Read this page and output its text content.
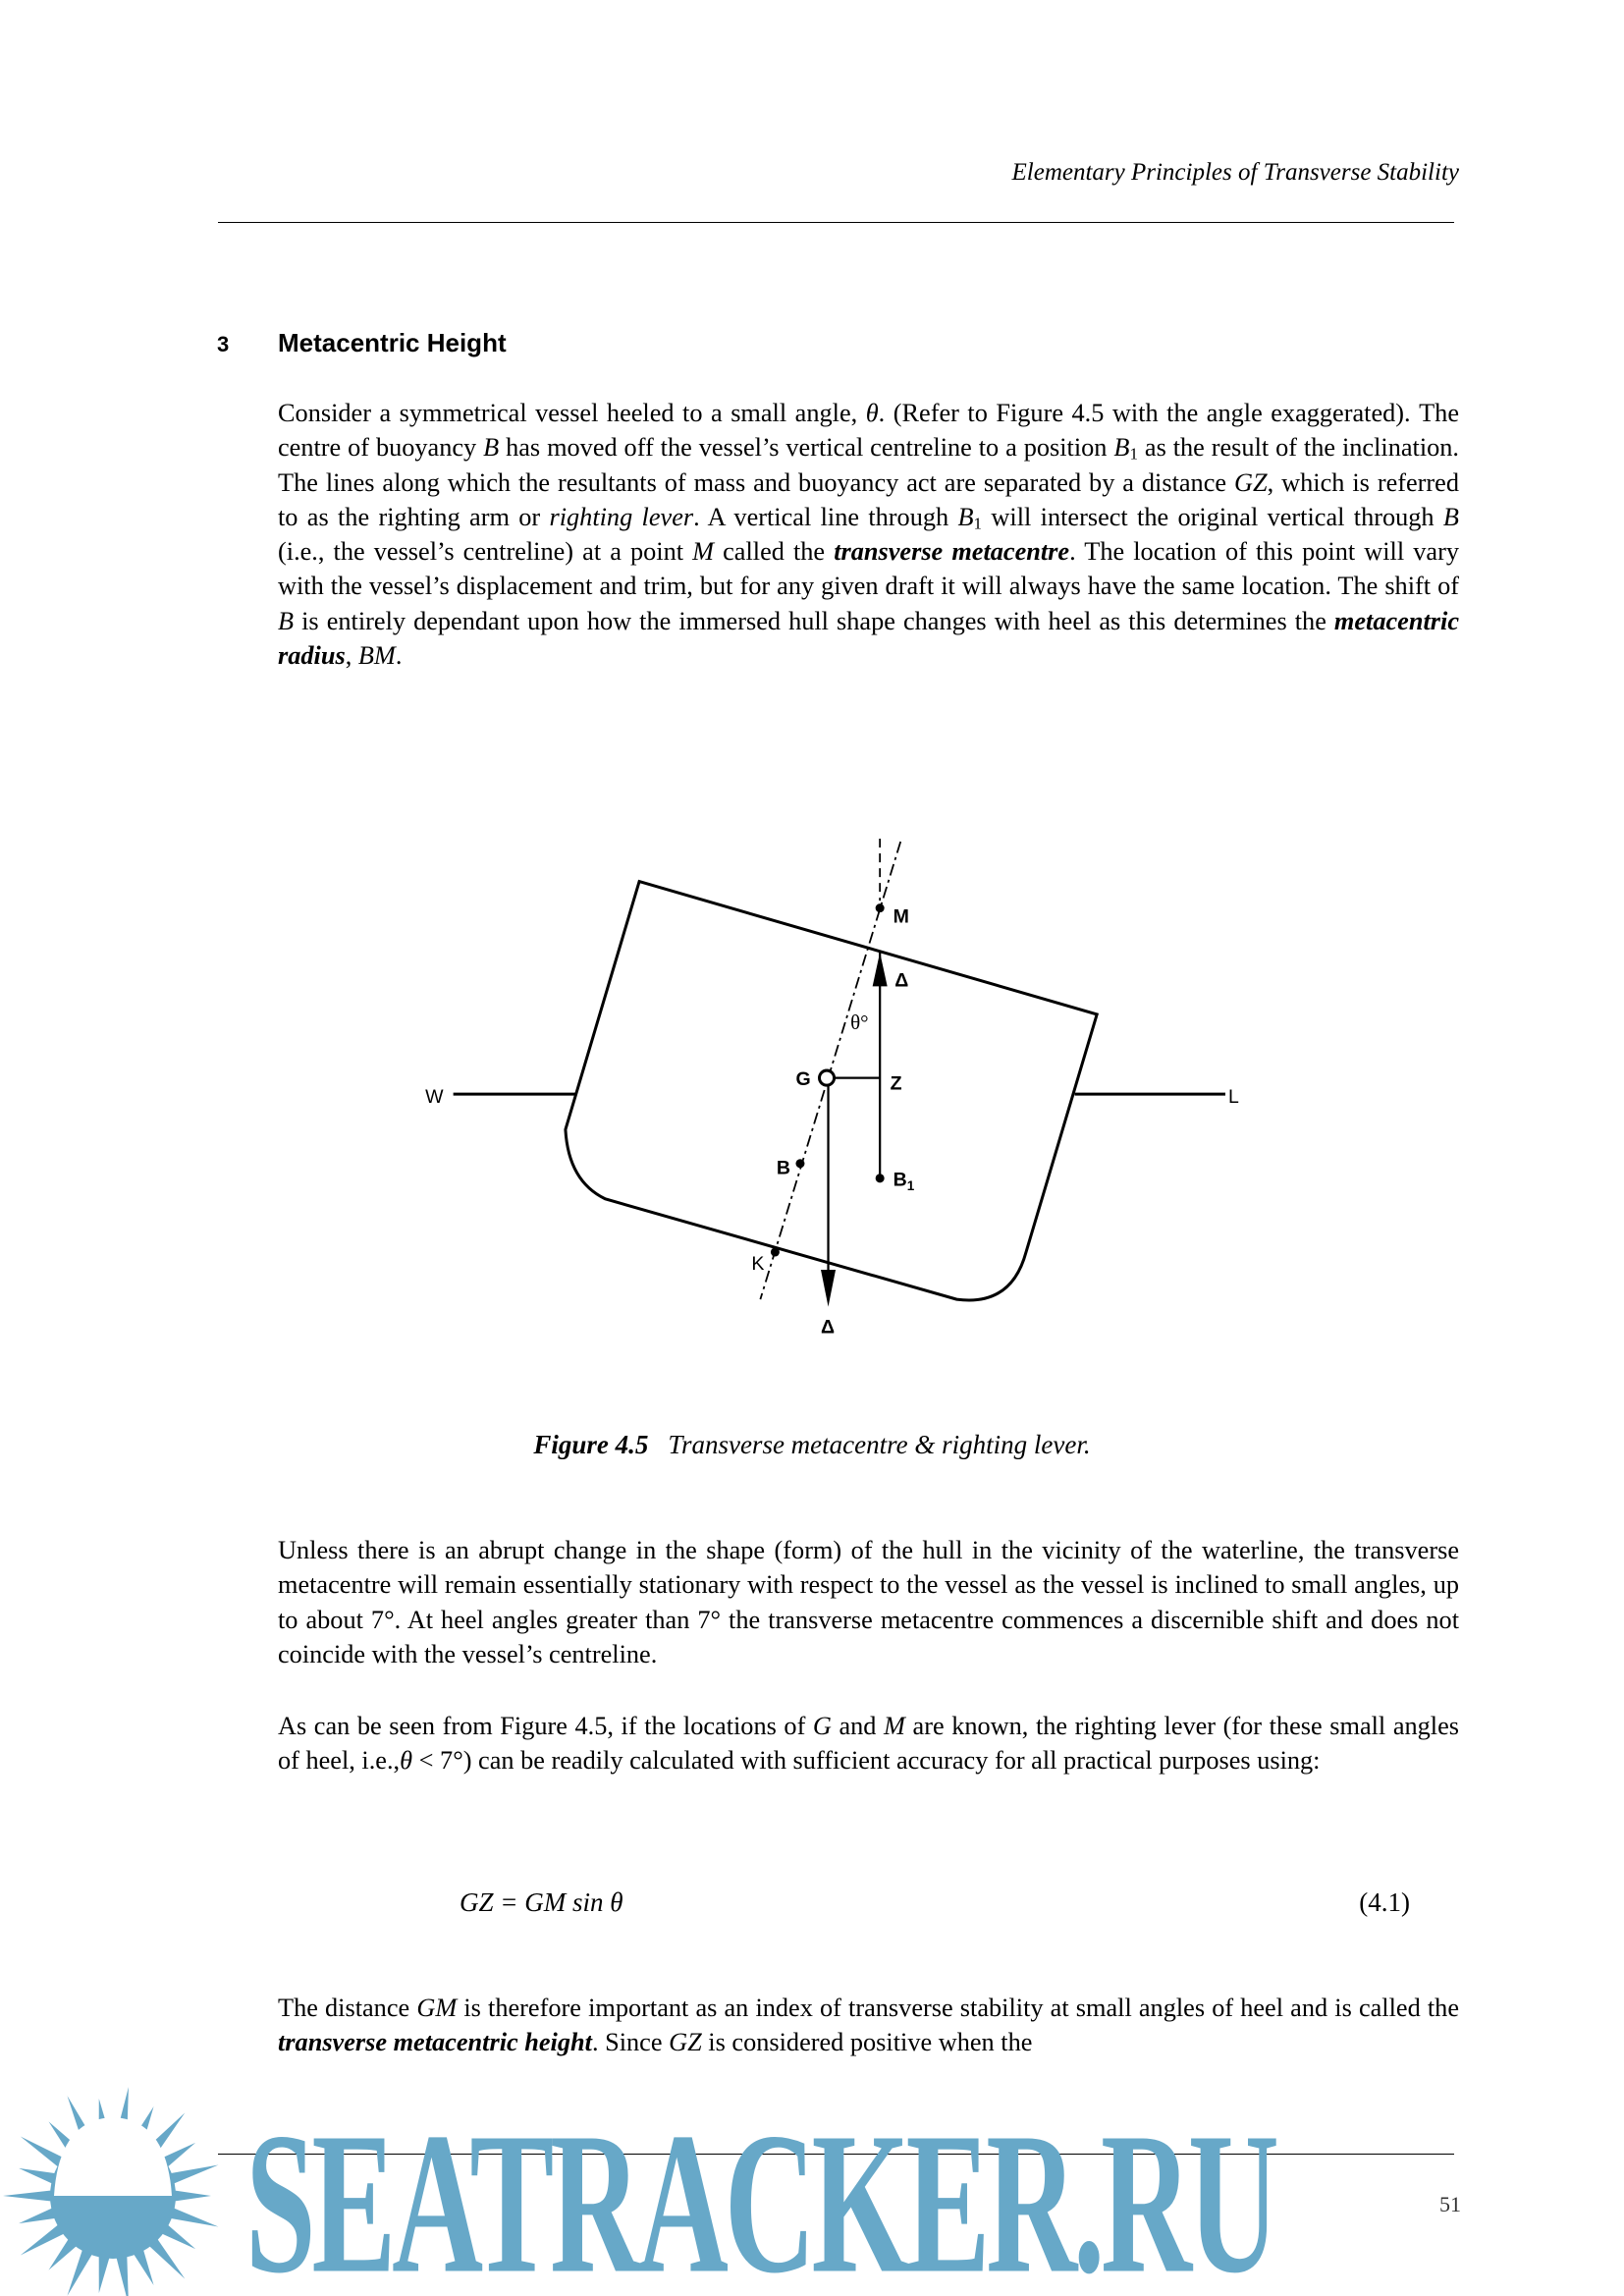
Elementary Principles of Transverse Stability
3 Metacentric Height
Consider a symmetrical vessel heeled to a small angle, θ. (Refer to Figure 4.5 with the angle exaggerated). The centre of buoyancy B has moved off the vessel’s vertical centreline to a position $B_1$ as the result of the inclination. The lines along which the resultants of mass and buoyancy act are separated by a distance GZ, which is referred to as the righting arm or righting lever. A vertical line through $B_1$ will intersect the original vertical through B (i.e., the vessel’s centreline) at a point M called the transverse metacentre. The location of this point will vary with the vessel’s displacement and trim, but for any given draft it will always have the same location. The shift of B is entirely dependant upon how the immersed hull shape changes with heel as this determines the metacentric radius, BM.
M
Δ
θ°
G	Z
W	L
B
$B_1$
K
Δ
Figure 4.5 Transverse metacentre & righting lever.
Unless there is an abrupt change in the shape (form) of the hull in the vicinity of the waterline, the transverse metacentre will remain essentially stationary with respect to the vessel as the vessel is inclined to small angles, up to about 7°. At heel angles greater than 7° the transverse metacentre commences a discernible shift and does not coincide with the vessel’s centreline.
As can be seen from Figure 4.5, if the locations of G and M are known, the righting lever (for these small angles of heel, i.e.,θ < 7°) can be readily calculated with sufficient accuracy for all practical purposes using:
GZ = GM sin θ	(4.1)
The distance GM is therefore important as an index of transverse stability at small angles of heel and is called the transverse metacentric height. Since GZ is considered positive when the
SEATRACKER.RU	51
